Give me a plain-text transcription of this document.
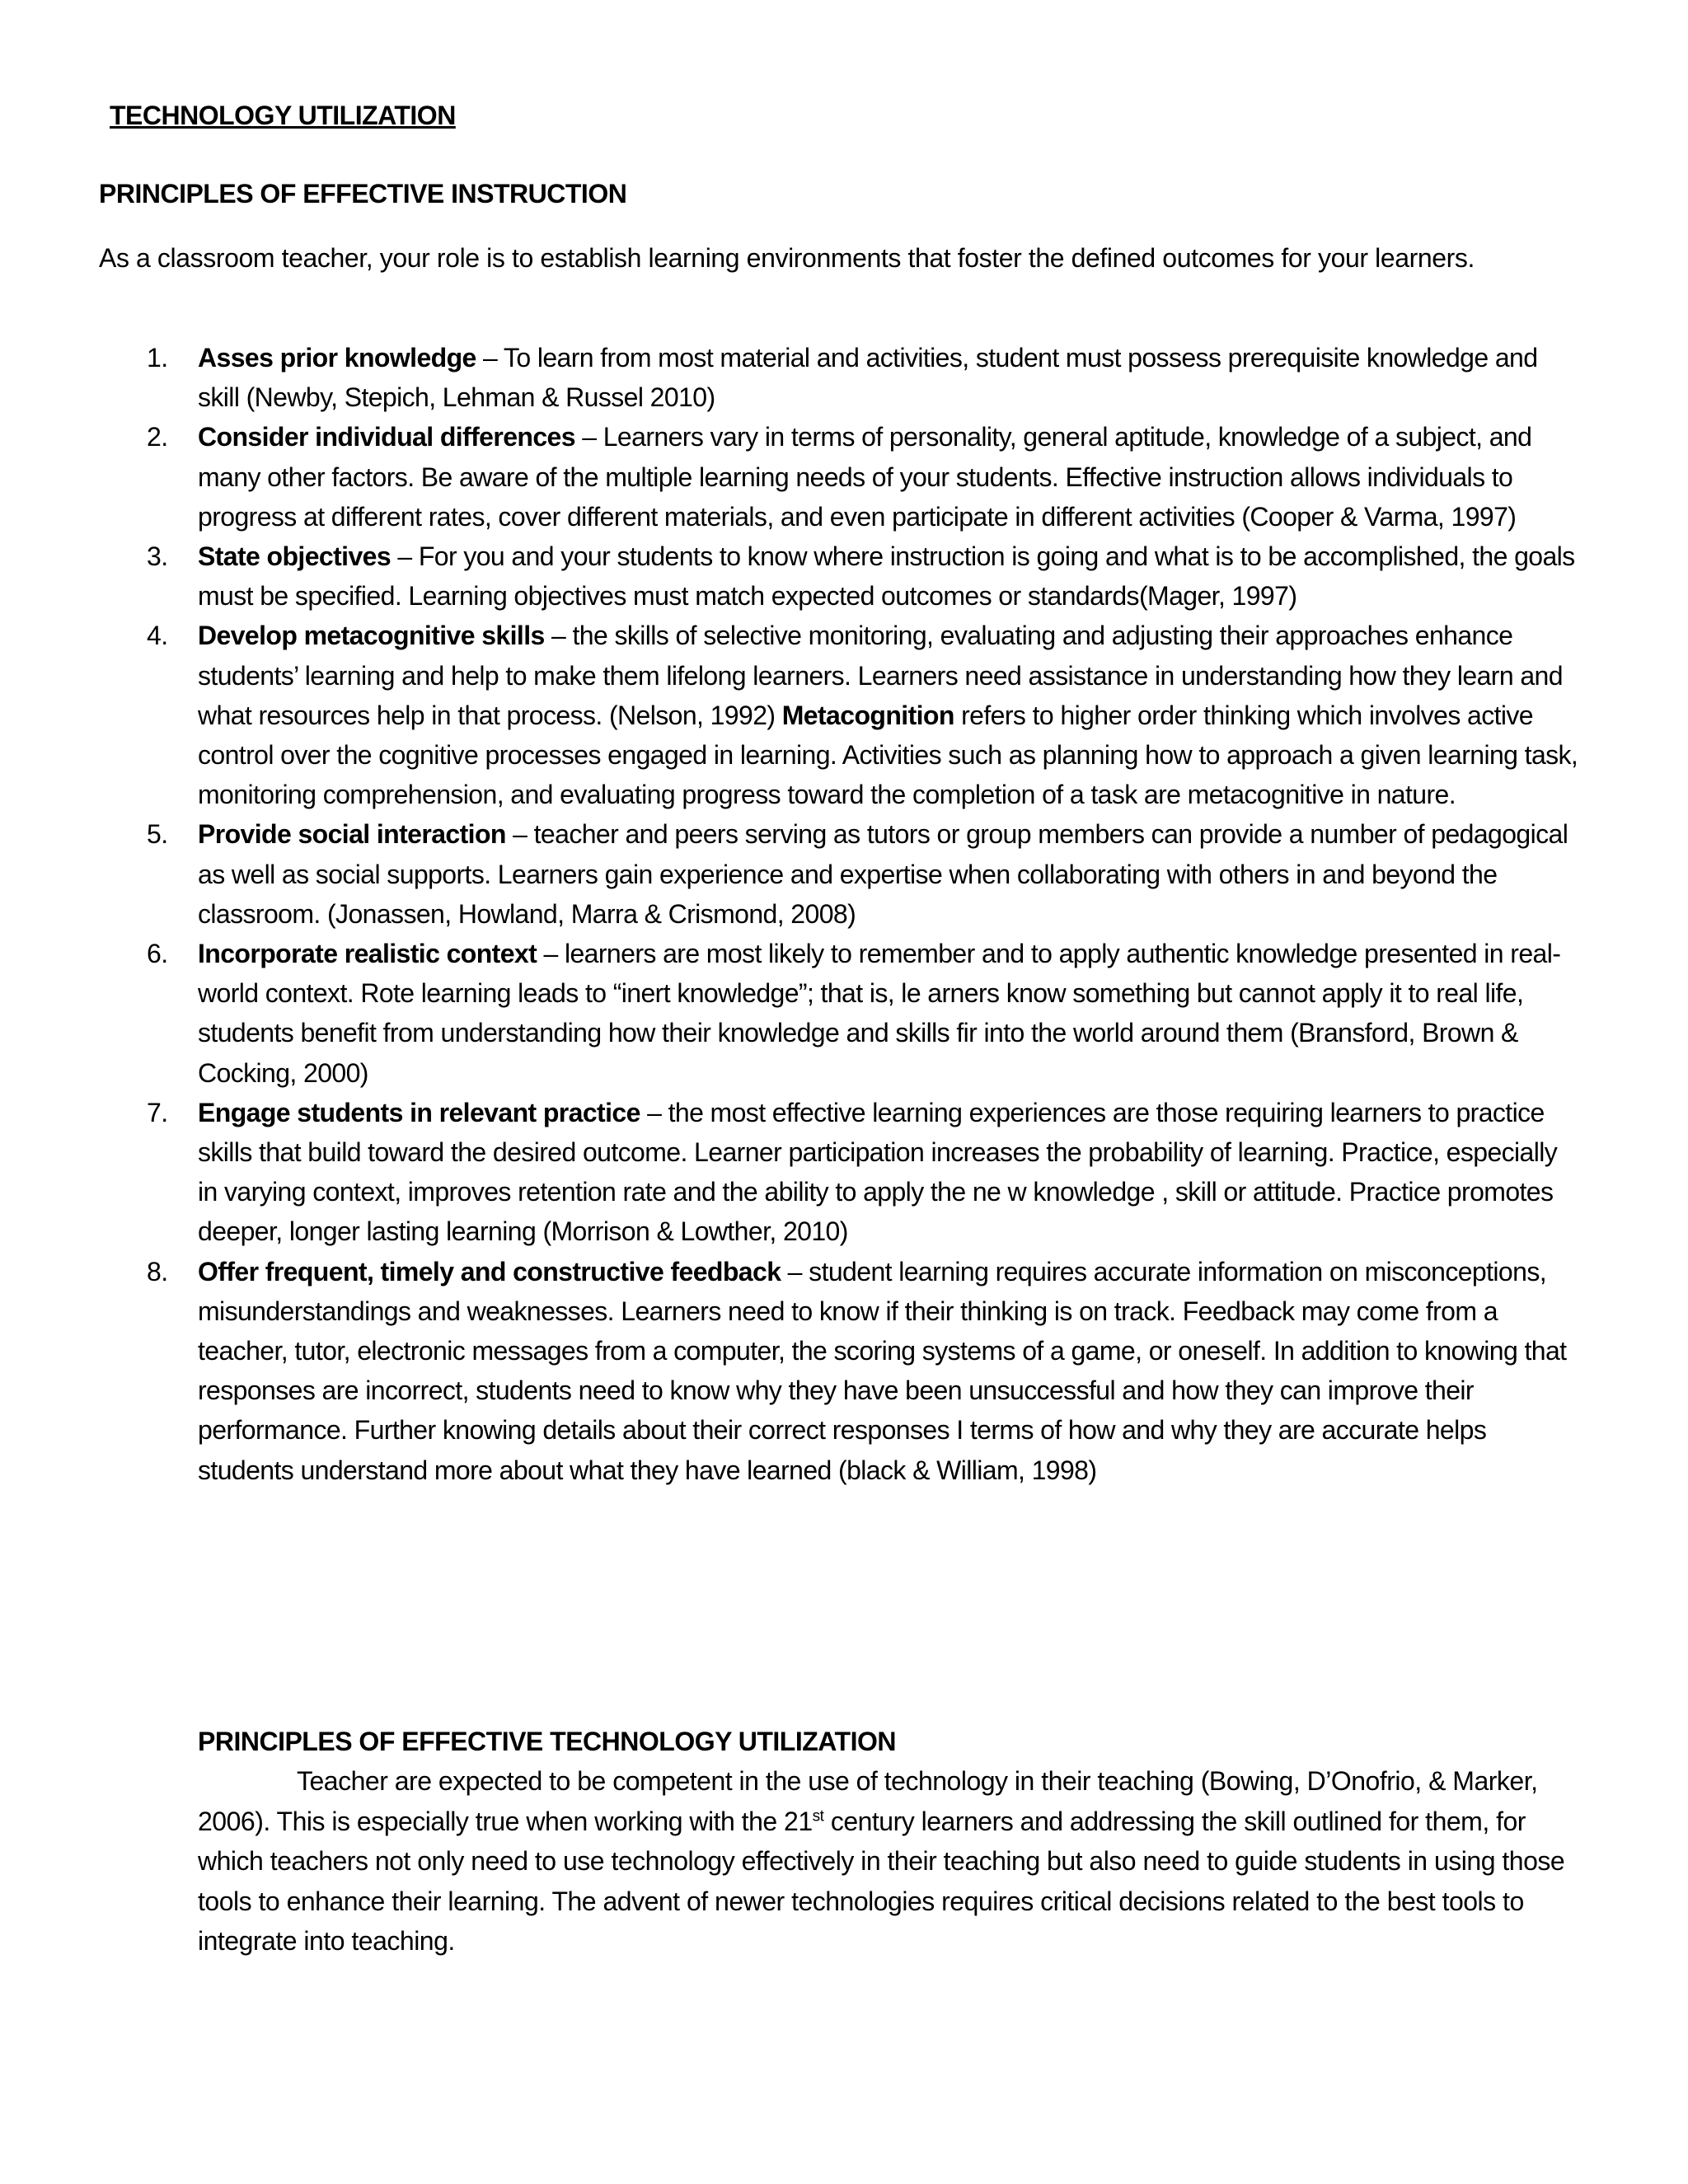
TECHNOLOGY UTILIZATION
PRINCIPLES OF EFFECTIVE INSTRUCTION

As a classroom teacher, your role is to establish learning environments that foster the defined outcomes for your learners.

1. Asses prior knowledge – To learn from most material and activities, student must possess prerequisite knowledge and skill (Newby, Stepich, Lehman & Russel 2010)
2. Consider individual differences – Learners vary in terms of personality, general aptitude, knowledge of a subject, and many other factors. Be aware of the multiple learning needs of your students. Effective instruction allows individuals to progress at different rates, cover different materials, and even participate in different activities (Cooper & Varma, 1997)
3. State objectives – For you and your students to know where instruction is going and what is to be accomplished, the goals must be specified. Learning objectives must match expected outcomes or standards(Mager, 1997)
4. Develop metacognitive skills – the skills of selective monitoring, evaluating and adjusting their approaches enhance students’ learning and help to make them lifelong learners. Learners need assistance in understanding how they learn and what resources help in that process. (Nelson, 1992) Metacognition refers to higher order thinking which involves active control over the cognitive processes engaged in learning. Activities such as planning how to approach a given learning task, monitoring comprehension, and evaluating progress toward the completion of a task are metacognitive in nature.
5. Provide social interaction – teacher and peers serving as tutors or group members can provide a number of pedagogical as well as social supports. Learners gain experience and expertise when collaborating with others in and beyond the classroom. (Jonassen, Howland, Marra & Crismond, 2008)
6. Incorporate realistic context – learners are most likely to remember and to apply authentic knowledge presented in real-world context. Rote learning leads to “inert knowledge”; that is, le arners know something but cannot apply it to real life, students benefit from understanding how their knowledge and skills fir into the world around them (Bransford, Brown & Cocking, 2000)
7. Engage students in relevant practice – the most effective learning experiences are those requiring learners to practice skills that build toward the desired outcome. Learner participation increases the probability of learning. Practice, especially in varying context, improves retention rate and the ability to apply the ne w knowledge , skill or attitude. Practice promotes deeper, longer lasting learning (Morrison & Lowther, 2010)
8. Offer frequent, timely and constructive feedback – student learning requires accurate information on misconceptions, misunderstandings and weaknesses. Learners need to know if their thinking is on track. Feedback may come from a teacher, tutor, electronic messages from a computer, the scoring systems of a game, or oneself. In addition to knowing that responses are incorrect, students need to know why they have been unsuccessful and how they can improve their performance. Further knowing details about their correct responses I terms of how and why they are accurate helps students understand more about what they have learned (black & William, 1998)
PRINCIPLES OF EFFECTIVE TECHNOLOGY UTILIZATION

Teacher are expected to be competent in the use of technology in their teaching (Bowing, D’Onofrio, & Marker, 2006). This is especially true when working with the 21st century learners and addressing the skill outlined for them, for which teachers not only need to use technology effectively in their teaching but also need to guide students in using those tools to enhance their learning. The advent of newer technologies requires critical decisions related to the best tools to integrate into teaching.
